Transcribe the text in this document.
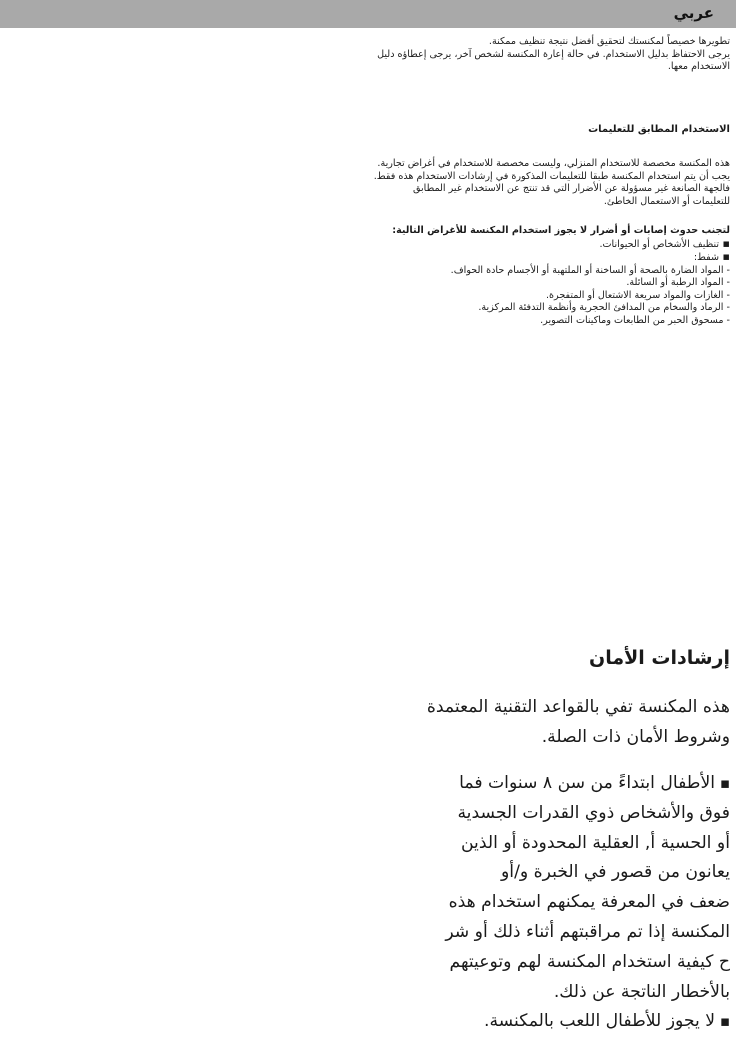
عربي

تطويرها خصيصاً لمكنستك لتحقيق أفضل نتيجة تنظيف ممكنة.

يرجى الاحتفاظ بدليل الاستخدام. في حالة إعارة المكنسة لشخص آخر، يرجى إعطاؤه دليل

الاستخدام معها.

الاستخدام المطابق للتعليمات

هذه المكنسة مخصصة للاستخدام المنزلي، وليست مخصصة للاستخدام في أغراض تجارية.

يجب أن يتم استخدام المكنسة طبقا للتعليمات المذكورة في إرشادات الاستخدام هذه فقط.

فالجهة الصانعة غير مسؤولة عن الأضرار التي قد تنتج عن الاستخدام غير المطابق

للتعليمات أو الاستعمال الخاطئ.

لتجنب حدوث إصابات أو أضرار لا يجوز استخدام المكنسة للأغراض التالية:

▪ تنظيف الأشخاص أو الحيوانات.

▪ شفط:

- المواد الضارة بالصحة أو الساخنة أو الملتهبة أو الأجسام حادة الحواف.

- المواد الرطبة أو السائلة.

- الغازات والمواد سريعة الاشتعال أو المتفجرة.

- الرماد والسخام من المدافئ الحجرية وأنظمة التدفئة المركزية.

- مسحوق الحبر من الطابعات وماكينات التصوير.

إرشادات الأمان

هذه المكنسة تفي بالقواعد التقنية المعتمدة

وشروط الأمان ذات الصلة.

▪ الأطفال ابتداءً من سن ٨ سنوات فما

فوق والأشخاص ذوي القدرات الجسدية

أو الحسية أ, العقلية المحدودة أو الذين

يعانون من قصور في الخبرة و/أو

ضعف في المعرفة يمكنهم استخدام هذه

المكنسة إذا تم مراقبتهم أثناء ذلك أو شر

ح كيفية استخدام المكنسة لهم وتوعيتهم

بالأخطار الناتجة عن ذلك.

▪ لا يجوز للأطفال اللعب بالمكنسة.
